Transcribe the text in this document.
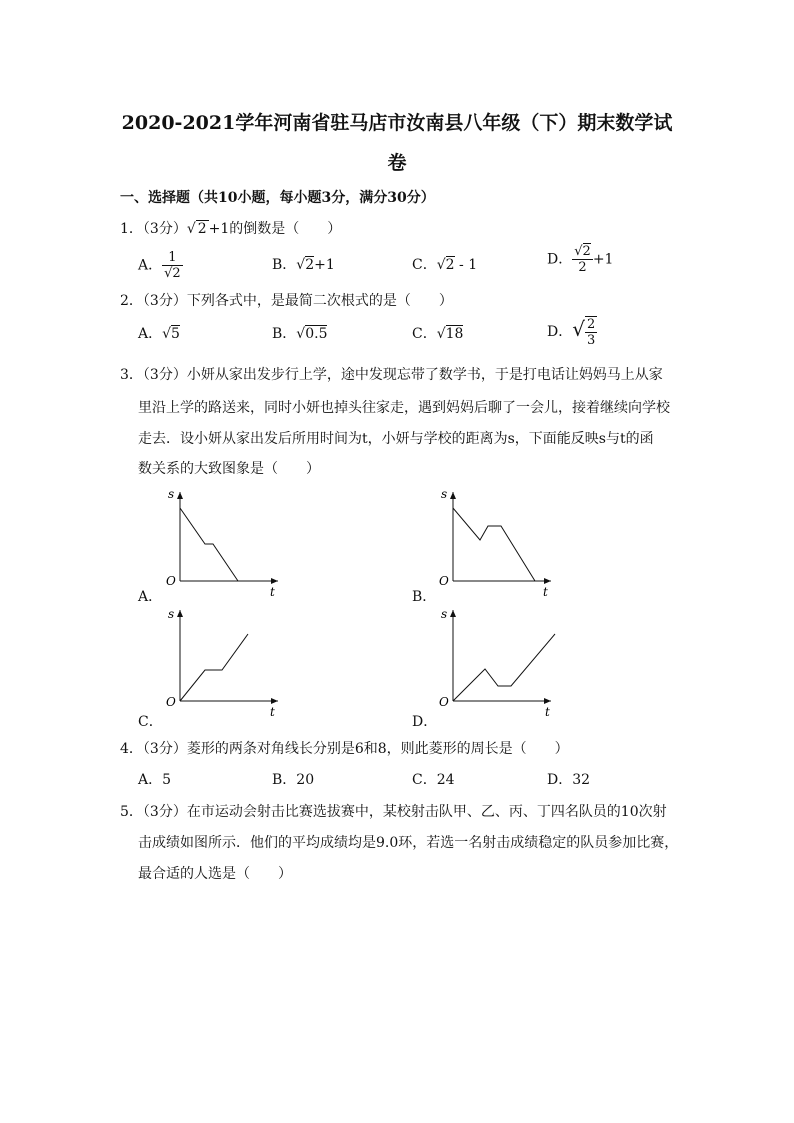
2020-2021学年河南省驻马店市汝南县八年级（下）期末数学试
卷
一、选择题（共10小题，每小题3分，满分30分）
1．（3分）√ 2 +1的倒数是（　　）
A． $\frac{1}{√2}$	B．√2+1	C．√2 - 1	D． $\frac{√2}{2} +1$
2．（3分）下列各式中，是最简二次根式的是（　　）
A．√5	B．√0.5	C．√18	D．√ $\frac{2}{3}$
3．（3分）小妍从家出发步行上学，途中发现忘带了数学书，于是打电话让妈妈马上从家
里沿上学的路送来，同时小妍也掉头往家走，遇到妈妈后聊了一会儿，接着继续向学校
走去．设小妍从家出发后所用时间为t，小妍与学校的距离为s，下面能反映s与t的函
数关系的大致图象是（　　）
s
t
O
A．
s
t
O
B．
s
t
O
C．
s
t
O
D．
4．（3分）菱形的两条对角线长分别是6和8，则此菱形的周长是（　　）
A．5	B．20	C．24	D．32
5．（3分）在市运动会射击比赛选拔赛中，某校射击队甲、乙、丙、丁四名队员的10次射
击成绩如图所示．他们的平均成绩均是9.0环，若选一名射击成绩稳定的队员参加比赛，
最合适的人选是（　　）
